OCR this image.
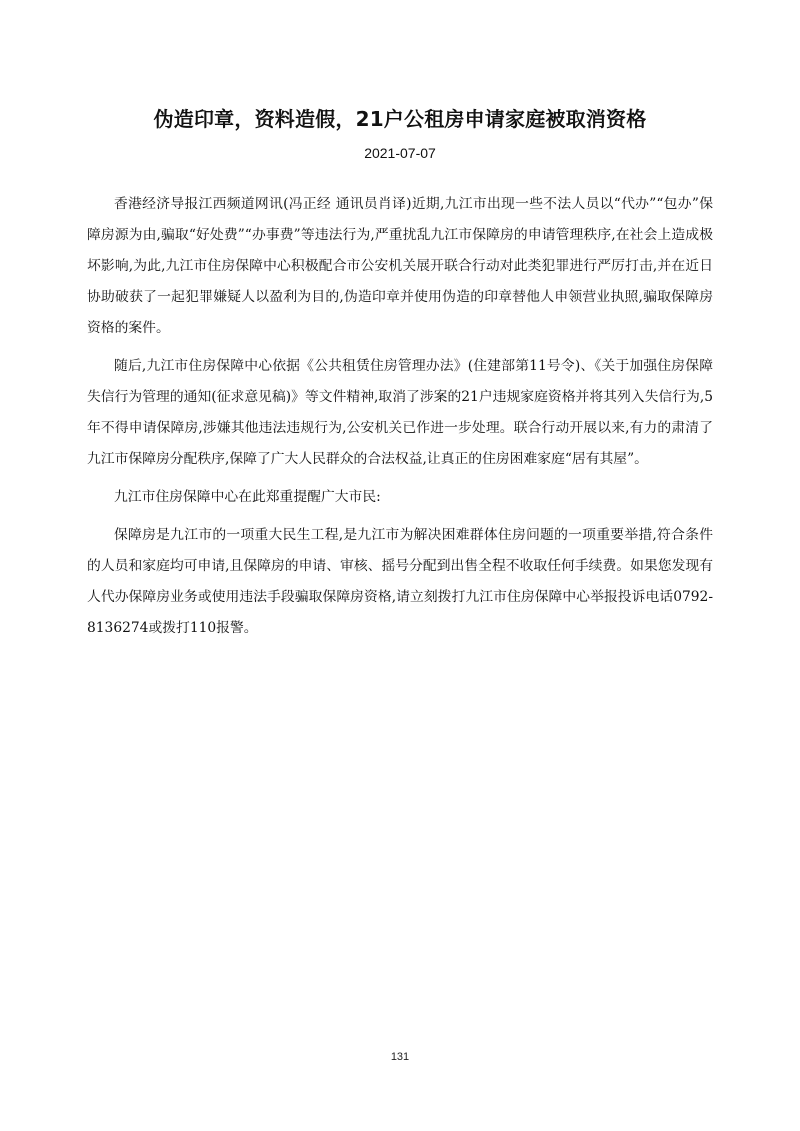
伪造印章，资料造假，21户公租房申请家庭被取消资格
2021-07-07

香港经济导报江西频道网讯(冯正经 通讯员肖译)近期,九江市出现一些不法人员以“代办”“包办”保障房源为由,骗取“好处费”“办事费”等违法行为,严重扰乱九江市保障房的申请管理秩序,在社会上造成极坏影响,为此,九江市住房保障中心积极配合市公安机关展开联合行动对此类犯罪进行严厉打击,并在近日协助破获了一起犯罪嫌疑人以盈利为目的,伪造印章并使用伪造的印章替他人申领营业执照,骗取保障房资格的案件。

随后,九江市住房保障中心依据《公共租赁住房管理办法》(住建部第11号令)、《关于加强住房保障失信行为管理的通知(征求意见稿)》等文件精神,取消了涉案的21户违规家庭资格并将其列入失信行为,5年不得申请保障房,涉嫌其他违法违规行为,公安机关已作进一步处理。联合行动开展以来,有力的肃清了九江市保障房分配秩序,保障了广大人民群众的合法权益,让真正的住房困难家庭“居有其屋”。

九江市住房保障中心在此郑重提醒广大市民:

保障房是九江市的一项重大民生工程,是九江市为解决困难群体住房问题的一项重要举措,符合条件的人员和家庭均可申请,且保障房的申请、审核、摇号分配到出售全程不收取任何手续费。如果您发现有人代办保障房业务或使用违法手段骗取保障房资格,请立刻拨打九江市住房保障中心举报投诉电话0792-8136274或拨打110报警。

131
